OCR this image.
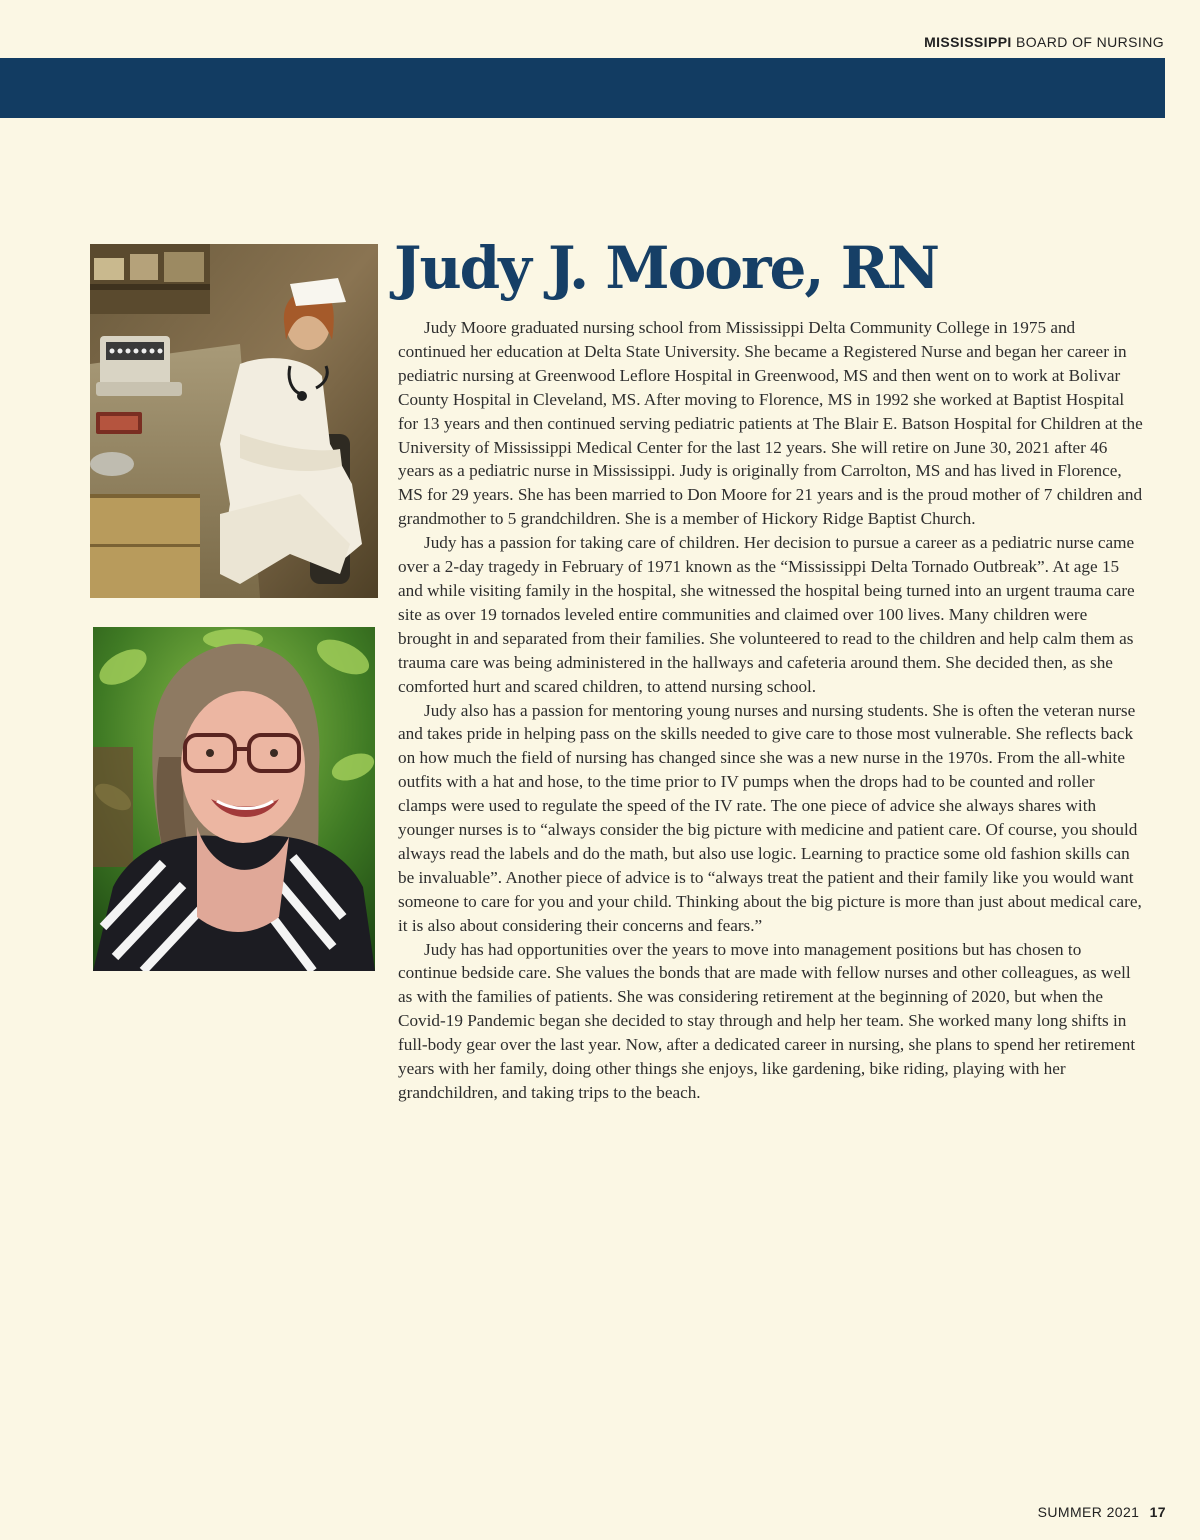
MISSISSIPPI BOARD OF NURSING
Judy J. Moore, RN

Judy Moore graduated nursing school from Mississippi Delta Community College in 1975 and continued her education at Delta State University. She became a Registered Nurse and began her career in pediatric nursing at Greenwood Leflore Hospital in Greenwood, MS and then went on to work at Bolivar County Hospital in Cleveland, MS. After moving to Florence, MS in 1992 she worked at Baptist Hospital for 13 years and then continued serving pediatric patients at The Blair E. Batson Hospital for Children at the University of Mississippi Medical Center for the last 12 years. She will retire on June 30, 2021 after 46 years as a pediatric nurse in Mississippi. Judy is originally from Carrolton, MS and has lived in Florence, MS for 29 years. She has been married to Don Moore for 21 years and is the proud mother of 7 children and grandmother to 5 grandchildren. She is a member of Hickory Ridge Baptist Church.

Judy has a passion for taking care of children. Her decision to pursue a career as a pediatric nurse came over a 2-day tragedy in February of 1971 known as the “Mississippi Delta Tornado Outbreak”. At age 15 and while visiting family in the hospital, she witnessed the hospital being turned into an urgent trauma care site as over 19 tornados leveled entire communities and claimed over 100 lives. Many children were brought in and separated from their families. She volunteered to read to the children and help calm them as trauma care was being administered in the hallways and cafeteria around them. She decided then, as she comforted hurt and scared children, to attend nursing school.

Judy also has a passion for mentoring young nurses and nursing students. She is often the veteran nurse and takes pride in helping pass on the skills needed to give care to those most vulnerable. She reflects back on how much the field of nursing has changed since she was a new nurse in the 1970s. From the all-white outfits with a hat and hose, to the time prior to IV pumps when the drops had to be counted and roller clamps were used to regulate the speed of the IV rate. The one piece of advice she always shares with younger nurses is to “always consider the big picture with medicine and patient care. Of course, you should always read the labels and do the math, but also use logic. Learning to practice some old fashion skills can be invaluable”. Another piece of advice is to “always treat the patient and their family like you would want someone to care for you and your child. Thinking about the big picture is more than just about medical care, it is also about considering their concerns and fears.”

Judy has had opportunities over the years to move into management positions but has chosen to continue bedside care. She values the bonds that are made with fellow nurses and other colleagues, as well as with the families of patients. She was considering retirement at the beginning of 2020, but when the Covid-19 Pandemic began she decided to stay through and help her team. She worked many long shifts in full-body gear over the last year. Now, after a dedicated career in nursing, she plans to spend her retirement years with her family, doing other things she enjoys, like gardening, bike riding, playing with her grandchildren, and taking trips to the beach.

SUMMER 2021 17
